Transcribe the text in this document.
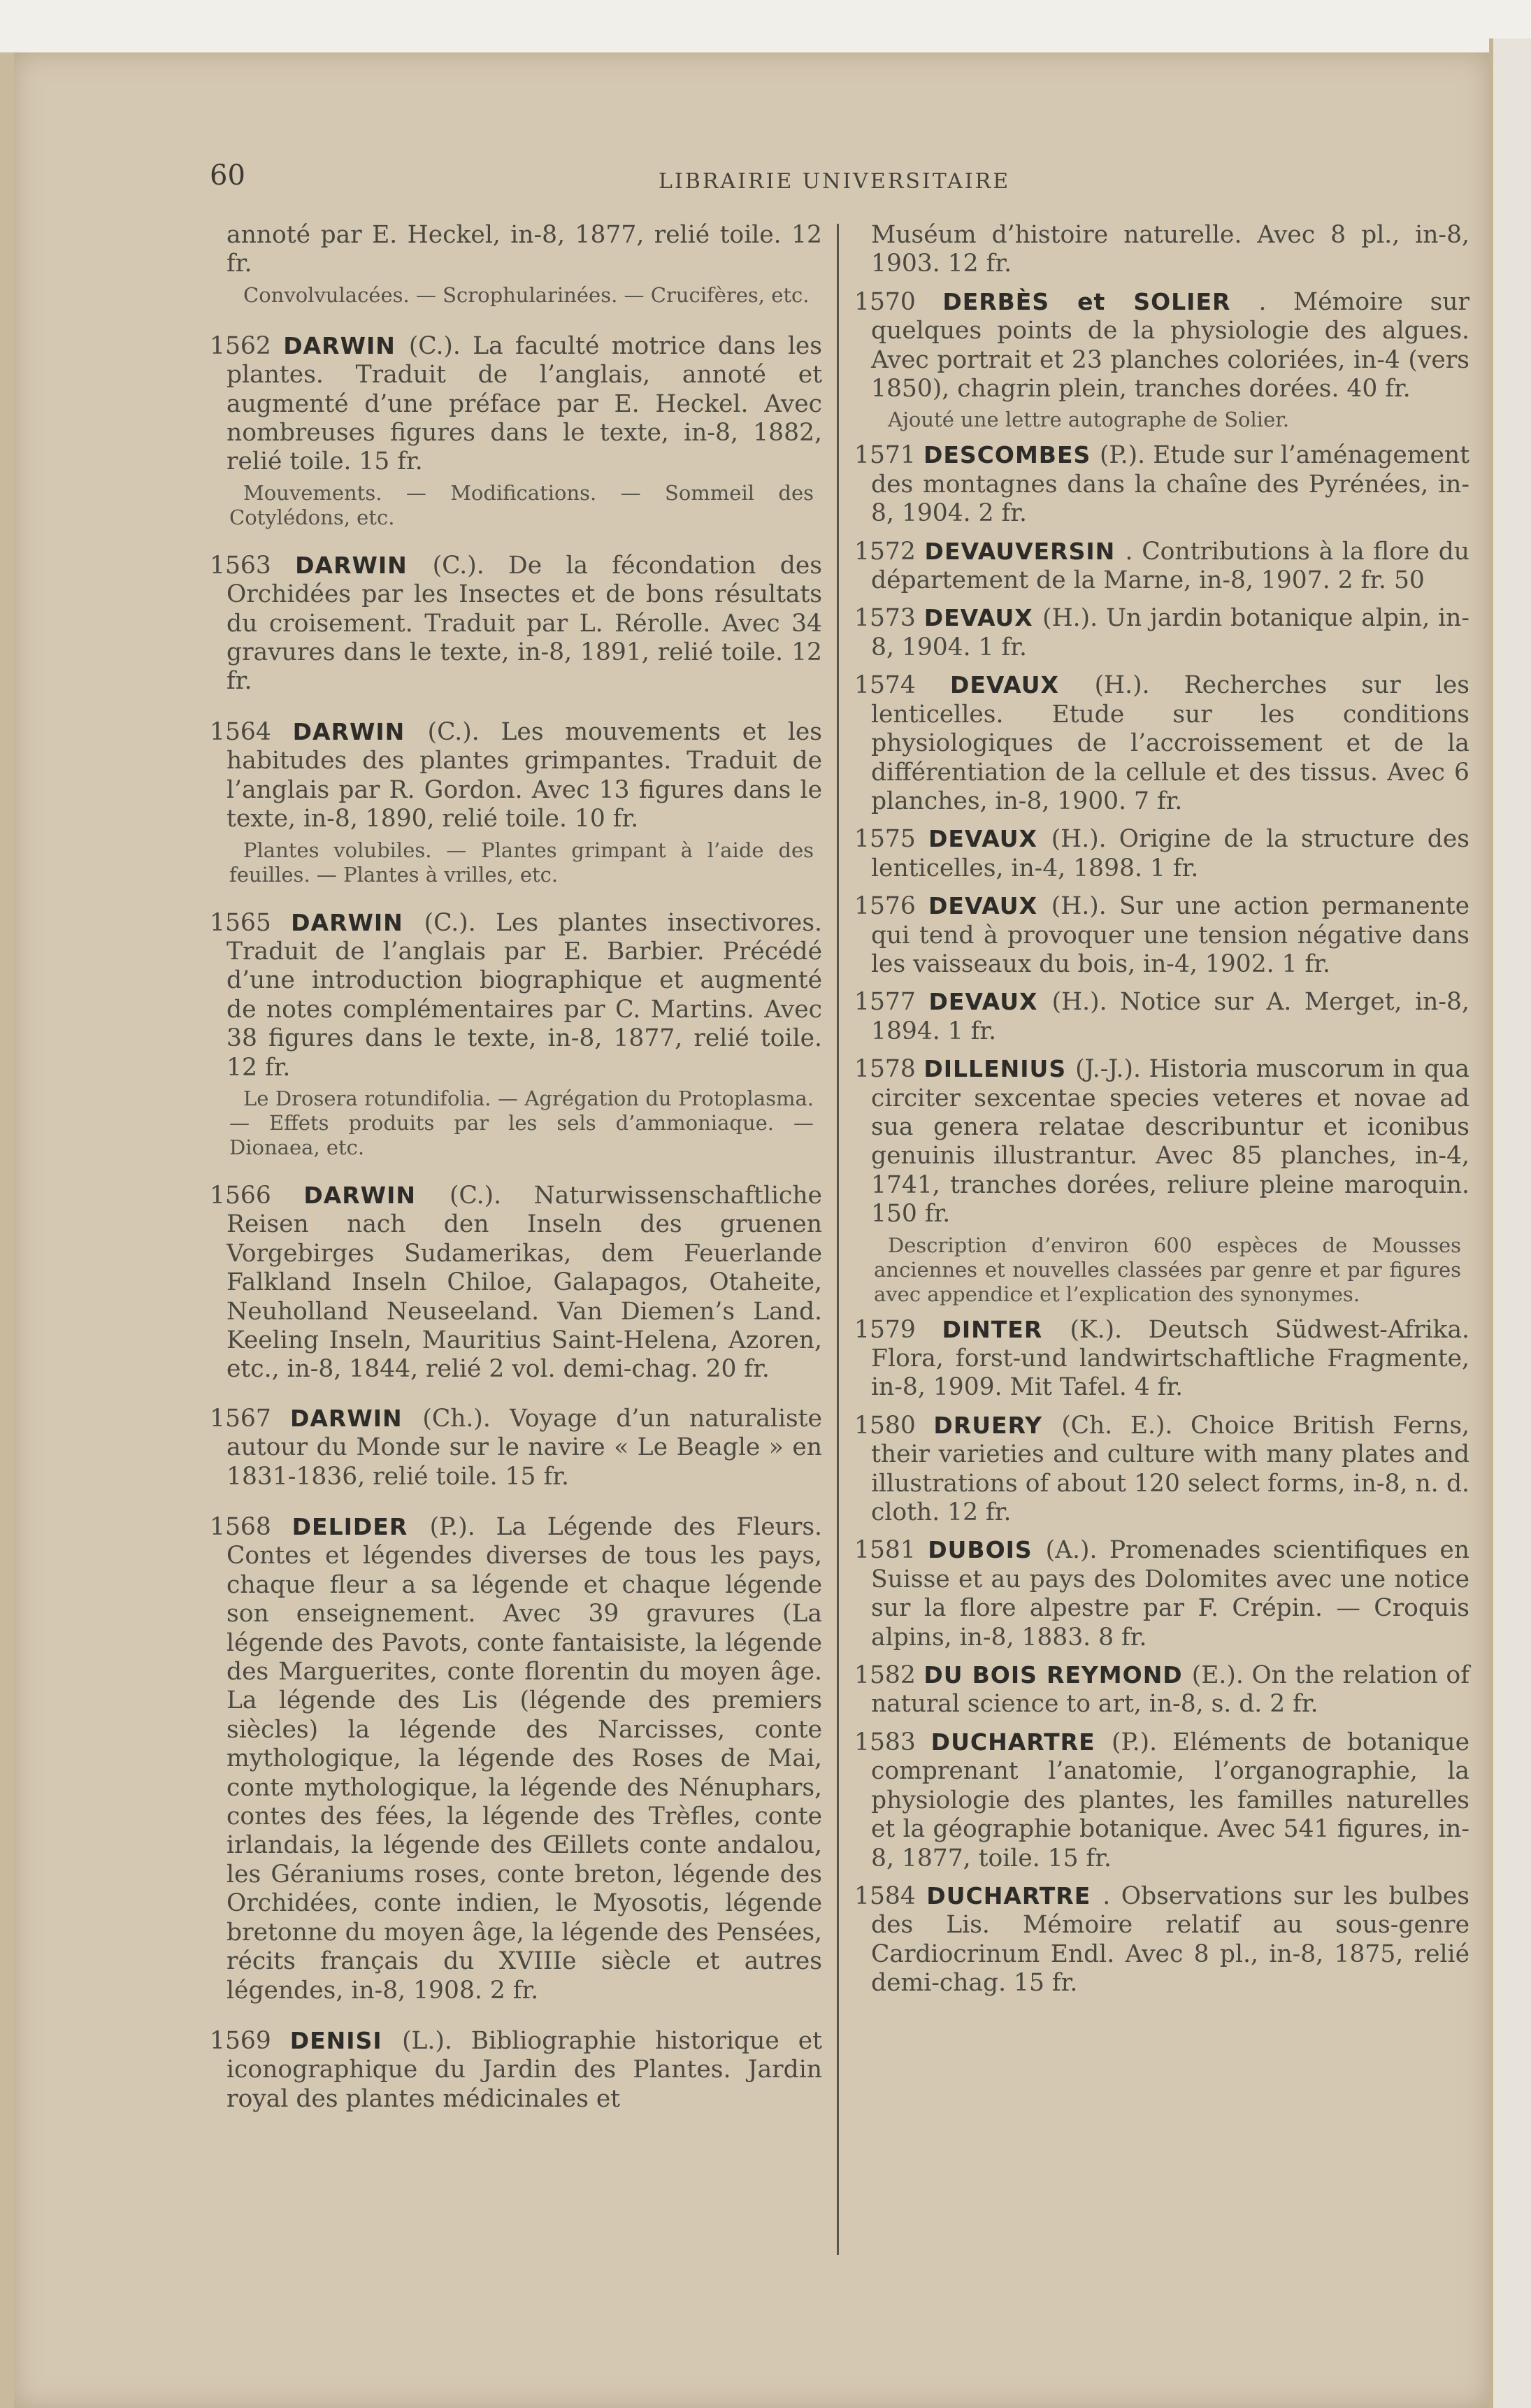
60	LIBRAIRIE UNIVERSITAIRE

annoté par E. Heckel, in-8, 1877, relié toile. 12 fr.

Convolvulacées. — Scrophularinées. — Crucifères, etc.

1562 DARWIN (C.). La faculté motrice dans les plantes. Traduit de l’anglais, annoté et augmenté d’une préface par E. Heckel. Avec nombreuses figures dans le texte, in-8, 1882, relié toile. 15 fr.

Mouvements. — Modifications. — Sommeil des Cotylédons, etc.

1563 DARWIN (C.). De la fécondation des Orchidées par les Insectes et de bons résultats du croisement. Traduit par L. Rérolle. Avec 34 gravures dans le texte, in-8, 1891, relié toile. 12 fr.

1564 DARWIN (C.). Les mouvements et les habitudes des plantes grimpantes. Traduit de l’anglais par R. Gordon. Avec 13 figures dans le texte, in-8, 1890, relié toile. 10 fr.

Plantes volubiles. — Plantes grimpant à l’aide des feuilles. — Plantes à vrilles, etc.

1565 DARWIN (C.). Les plantes insectivores. Traduit de l’anglais par E. Barbier. Précédé d’une introduction biographique et augmenté de notes complémentaires par C. Martins. Avec 38 figures dans le texte, in-8, 1877, relié toile. 12 fr.

Le Drosera rotundifolia. — Agrégation du Protoplasma. — Effets produits par les sels d’ammoniaque. — Dionaea, etc.

1566 DARWIN (C.). Naturwissenschaftliche Reisen nach den Inseln des gruenen Vorgebirges Sudamerikas, dem Feuerlande Falkland Inseln Chiloe, Galapagos, Otaheite, Neuholland Neuseeland. Van Diemen’s Land. Keeling Inseln, Mauritius Saint-Helena, Azoren, etc., in-8, 1844, relié 2 vol. demi-chag. 20 fr.

1567 DARWIN (Ch.). Voyage d’un naturaliste autour du Monde sur le navire « Le Beagle » en 1831-1836, relié toile. 15 fr.

1568 DELIDER (P.). La Légende des Fleurs. Contes et légendes diverses de tous les pays, chaque fleur a sa légende et chaque légende son enseignement. Avec 39 gravures (La légende des Pavots, conte fantaisiste, la légende des Marguerites, conte florentin du moyen âge. La légende des Lis (légende des premiers siècles) la légende des Narcisses, conte mythologique, la légende des Roses de Mai, conte mythologique, la légende des Nénuphars, contes des fées, la légende des Trèfles, conte irlandais, la légende des Œillets conte andalou, les Géraniums roses, conte breton, légende des Orchidées, conte indien, le Myosotis, légende bretonne du moyen âge, la légende des Pensées, récits français du XVIIIe siècle et autres légendes, in-8, 1908. 2 fr.

1569 DENISI (L.). Bibliographie historique et iconographique du Jardin des Plantes. Jardin royal des plantes médicinales et

Muséum d’histoire naturelle. Avec 8 pl., in-8, 1903. 12 fr.

1570 DERBÈS et SOLIER . Mémoire sur quelques points de la physiologie des algues. Avec portrait et 23 planches coloriées, in-4 (vers 1850), chagrin plein, tranches dorées. 40 fr.

Ajouté une lettre autographe de Solier.

1571 DESCOMBES (P.). Etude sur l’aménagement des montagnes dans la chaîne des Pyrénées, in-8, 1904. 2 fr.

1572 DEVAUVERSIN . Contributions à la flore du département de la Marne, in-8, 1907. 2 fr. 50

1573 DEVAUX (H.). Un jardin botanique alpin, in-8, 1904. 1 fr.

1574 DEVAUX (H.). Recherches sur les lenticelles. Etude sur les conditions physiologiques de l’accroissement et de la différentiation de la cellule et des tissus. Avec 6 planches, in-8, 1900. 7 fr.

1575 DEVAUX (H.). Origine de la structure des lenticelles, in-4, 1898. 1 fr.

1576 DEVAUX (H.). Sur une action permanente qui tend à provoquer une tension négative dans les vaisseaux du bois, in-4, 1902. 1 fr.

1577 DEVAUX (H.). Notice sur A. Merget, in-8, 1894. 1 fr.

1578 DILLENIUS (J.-J.). Historia muscorum in qua circiter sexcentae species veteres et novae ad sua genera relatae describuntur et iconibus genuinis illustrantur. Avec 85 planches, in-4, 1741, tranches dorées, reliure pleine maroquin. 150 fr.

Description d’environ 600 espèces de Mousses anciennes et nouvelles classées par genre et par figures avec appendice et l’explication des synonymes.

1579 DINTER (K.). Deutsch Südwest-Afrika. Flora, forst-und landwirtschaftliche Fragmente, in-8, 1909. Mit Tafel. 4 fr.

1580 DRUERY (Ch. E.). Choice British Ferns, their varieties and culture with many plates and illustrations of about 120 select forms, in-8, n. d. cloth. 12 fr.

1581 DUBOIS (A.). Promenades scientifiques en Suisse et au pays des Dolomites avec une notice sur la flore alpestre par F. Crépin. — Croquis alpins, in-8, 1883. 8 fr.

1582 DU BOIS REYMOND (E.). On the relation of natural science to art, in-8, s. d. 2 fr.

1583 DUCHARTRE (P.). Eléments de botanique comprenant l’anatomie, l’organographie, la physiologie des plantes, les familles naturelles et la géographie botanique. Avec 541 figures, in-8, 1877, toile. 15 fr.

1584 DUCHARTRE . Observations sur les bulbes des Lis. Mémoire relatif au sous-genre Cardiocrinum Endl. Avec 8 pl., in-8, 1875, relié demi-chag. 15 fr.
